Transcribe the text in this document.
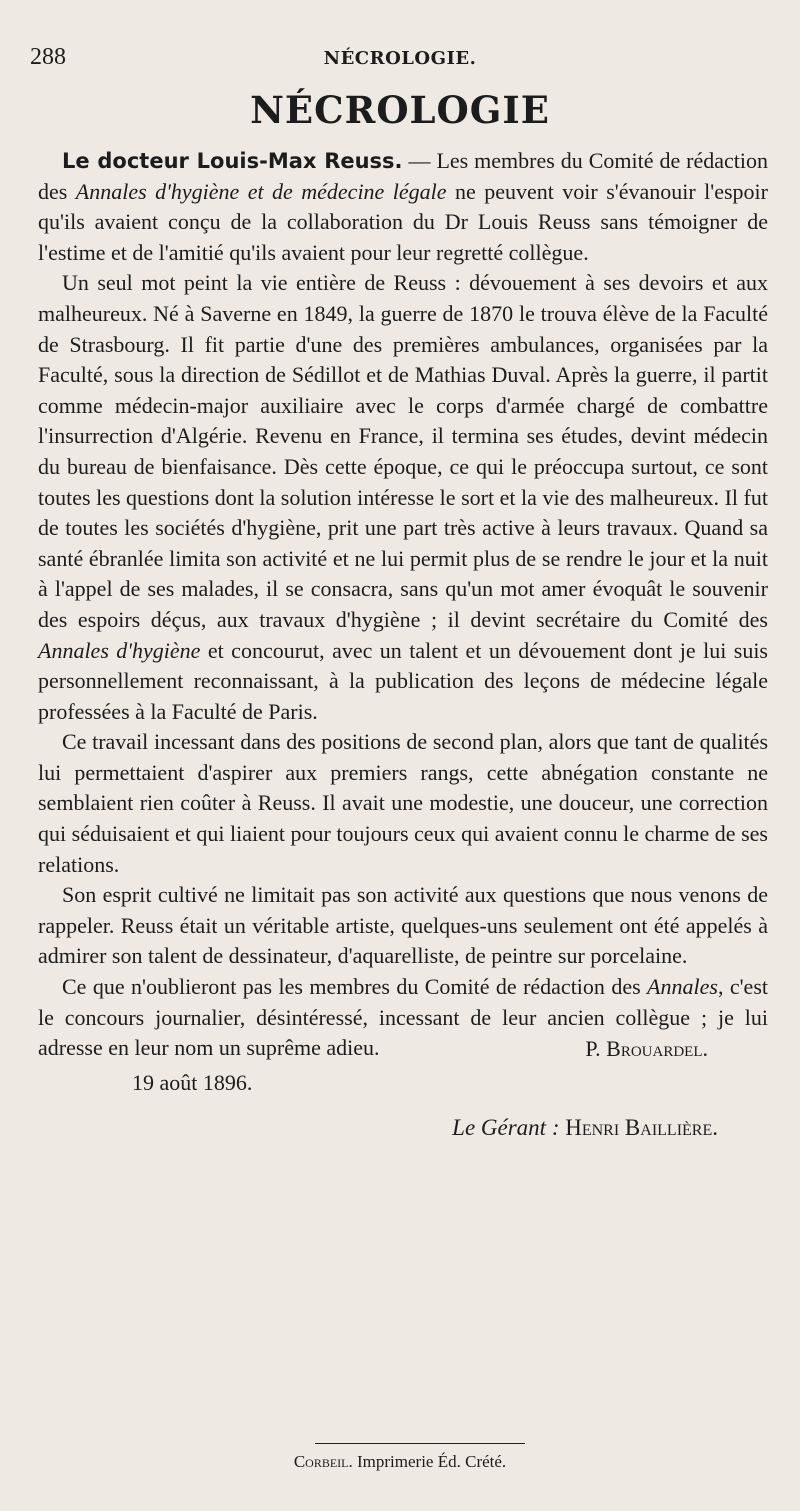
288	NÉCROLOGIE.
NÉCROLOGIE

Le docteur Louis-Max Reuss. — Les membres du Comité de rédaction des Annales d'hygiène et de médecine légale ne peuvent voir s'évanouir l'espoir qu'ils avaient conçu de la collaboration du Dr Louis Reuss sans témoigner de l'estime et de l'amitié qu'ils avaient pour leur regretté collègue.

Un seul mot peint la vie entière de Reuss : dévouement à ses devoirs et aux malheureux. Né à Saverne en 1849, la guerre de 1870 le trouva élève de la Faculté de Strasbourg. Il fit partie d'une des premières ambulances, organisées par la Faculté, sous la direction de Sédillot et de Mathias Duval. Après la guerre, il partit comme médecin-major auxiliaire avec le corps d'armée chargé de combattre l'insurrection d'Algérie. Revenu en France, il termina ses études, devint médecin du bureau de bienfaisance. Dès cette époque, ce qui le préoccupa surtout, ce sont toutes les questions dont la solution intéresse le sort et la vie des malheureux. Il fut de toutes les sociétés d'hygiène, prit une part très active à leurs travaux. Quand sa santé ébranlée limita son activité et ne lui permit plus de se rendre le jour et la nuit à l'appel de ses malades, il se consacra, sans qu'un mot amer évoquât le souvenir des espoirs déçus, aux travaux d'hygiène ; il devint secrétaire du Comité des Annales d'hygiène et concourut, avec un talent et un dévouement dont je lui suis personnellement reconnaissant, à la publication des leçons de médecine légale professées à la Faculté de Paris.

Ce travail incessant dans des positions de second plan, alors que tant de qualités lui permettaient d'aspirer aux premiers rangs, cette abnégation constante ne semblaient rien coûter à Reuss. Il avait une modestie, une douceur, une correction qui séduisaient et qui liaient pour toujours ceux qui avaient connu le charme de ses relations.

Son esprit cultivé ne limitait pas son activité aux questions que nous venons de rappeler. Reuss était un véritable artiste, quelques-uns seulement ont été appelés à admirer son talent de dessinateur, d'aquarelliste, de peintre sur porcelaine.

Ce que n'oublieront pas les membres du Comité de rédaction des Annales, c'est le concours journalier, désintéressé, incessant de leur ancien collègue ; je lui adresse en leur nom un suprême adieu.	P. Brouardel.
19 août 1896.
Le Gérant : Henri Baillière.
Corbeil. Imprimerie Éd. Crété.
